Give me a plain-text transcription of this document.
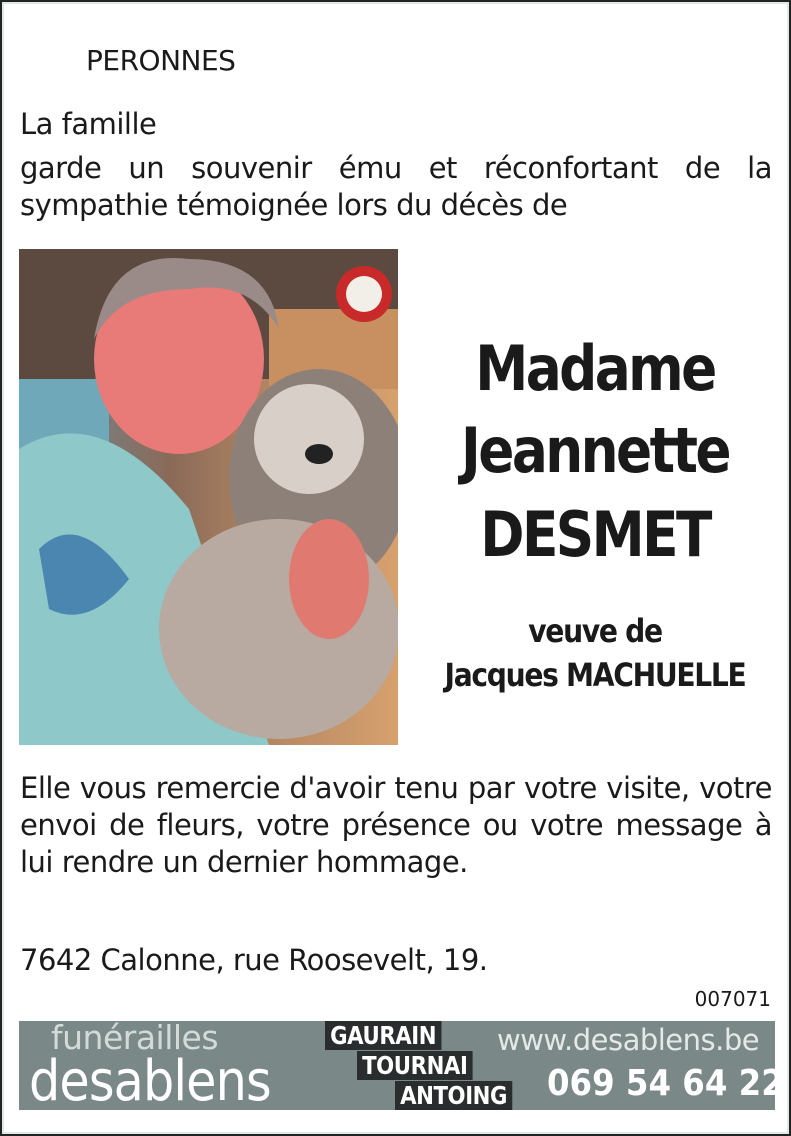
PERONNES
La famille
garde un souvenir ému et réconfortant de la sympathie témoignée lors du décès de
Madame
Jeannette
DESMET
veuve de
Jacques MACHUELLE
Elle vous remercie d'avoir tenu par votre visite, votre envoi de fleurs, votre présence ou votre message à lui rendre un dernier hommage.
7642 Calonne, rue Roosevelt, 19.
007071
funérailles
desablens
GAURAIN
TOURNAI
ANTOING
www.desablens.be
069 54 64 22
